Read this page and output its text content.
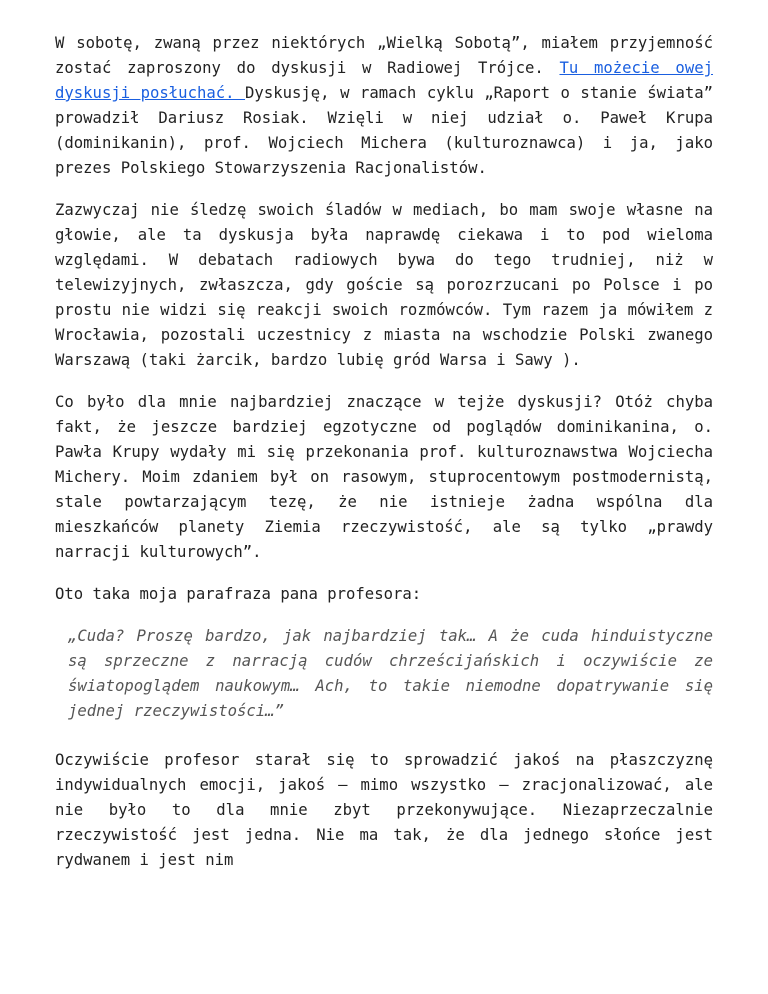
W sobotę, zwaną przez niektórych „Wielką Sobotą”, miałem przyjemność zostać zaproszony do dyskusji w Radiowej Trójce. Tu możecie owej dyskusji posłuchać. Dyskusję, w ramach cyklu „Raport o stanie świata” prowadził Dariusz Rosiak. Wzięli w niej udział o. Paweł Krupa (dominikanin), prof. Wojciech Michera (kulturoznawca) i ja, jako prezes Polskiego Stowarzyszenia Racjonalistów.

Zazwyczaj nie śledzę swoich śladów w mediach, bo mam swoje własne na głowie, ale ta dyskusja była naprawdę ciekawa i to pod wieloma względami. W debatach radiowych bywa do tego trudniej, niż w telewizyjnych, zwłaszcza, gdy goście są porozrzucani po Polsce i po prostu nie widzi się reakcji swoich rozmówców. Tym razem ja mówiłem z Wrocławia, pozostali uczestnicy z miasta na wschodzie Polski zwanego Warszawą (taki żarcik, bardzo lubię gród Warsa i Sawy ).

Co było dla mnie najbardziej znaczące w tejże dyskusji? Otóż chyba fakt, że jeszcze bardziej egzotyczne od poglądów dominikanina, o. Pawła Krupy wydały mi się przekonania prof. kulturoznawstwa Wojciecha Michery. Moim zdaniem był on rasowym, stuprocentowym postmodernistą, stale powtarzającym tezę, że nie istnieje żadna wspólna dla mieszkańców planety Ziemia rzeczywistość, ale są tylko „prawdy narracji kulturowych”.

Oto taka moja parafraza pana profesora:

„Cuda? Proszę bardzo, jak najbardziej tak… A że cuda hinduistyczne są sprzeczne z narracją cudów chrześcijańskich i oczywiście ze światopoglądem naukowym… Ach, to takie niemodne dopatrywanie się jednej rzeczywistości…”

Oczywiście profesor starał się to sprowadzić jakoś na płaszczyznę indywidualnych emocji, jakoś – mimo wszystko – zracjonalizować, ale nie było to dla mnie zbyt przekonywujące. Niezaprzeczalnie rzeczywistość jest jedna. Nie ma tak, że dla jednego słońce jest rydwanem i jest nim
